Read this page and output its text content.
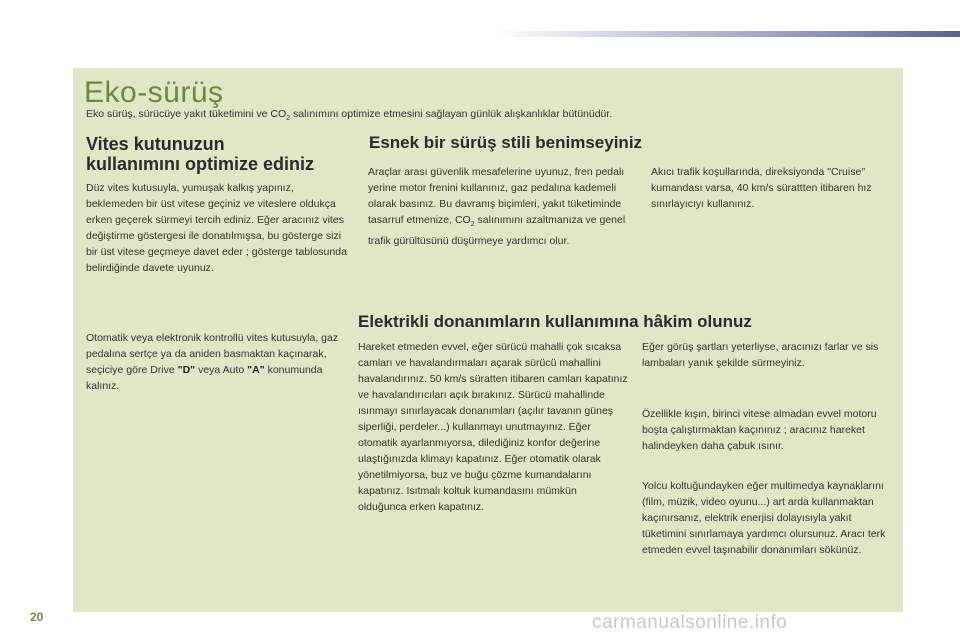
Eko-sürüş
Eko sürüş, sürücüye yakıt tüketimini ve $CO_2$ salınımını optimize etmesini sağlayan günlük alışkanlıklar bütünüdür.
Vites kutunuzun
kullanımını optimize ediniz
Düz vites kutusuyla, yumuşak kalkış yapınız, beklemeden bir üst vitese geçiniz ve viteslere oldukça erken geçerek sürmeyi tercih ediniz. Eğer aracınız vites değiştirme göstergesi ile donatılmışsa, bu gösterge sizi bir üst vitese geçmeye davet eder ; gösterge tablosunda belirdiğinde davete uyunuz.
Otomatik veya elektronik kontrollü vites kutusuyla, gaz pedalına sertçe ya da aniden basmaktan kaçınarak, seçiciye göre Drive "D" veya Auto "A" konumunda kalınız.
Esnek bir sürüş stili benimseyiniz
Araçlar arası güvenlik mesafelerine uyunuz, fren pedalı yerine motor frenini kullanınız, gaz pedalına kademeli olarak basınız. Bu davranış biçimleri, yakıt tüketiminde tasarruf etmenize, $CO_2$ salınımını azaltmanıza ve genel trafik gürültüsünü düşürmeye yardımcı olur.
Akıcı trafik koşullarında, direksiyonda "Cruise" kumandası varsa, 40 km/s sürattten itibaren hız sınırlayıcıyı kullanınız.
Elektrikli donanımların kullanımına hâkim olunuz
Hareket etmeden evvel, eğer sürücü mahalli çok sıcaksa camları ve havalandırmaları açarak sürücü mahallini havalandırınız. 50 km/s süratten itibaren camları kapatınız ve havalandırıcıları açık bırakınız. Sürücü mahallinde ısınmayı sınırlayacak donanımları (açılır tavanın güneş siperliği, perdeler...) kullanmayı unutmayınız. Eğer otomatik ayarlanmıyorsa, dilediğiniz konfor değerine ulaştığınızda klimayı kapatınız. Eğer otomatik olarak yönetilmiyorsa, buz ve buğu çözme kumandalarını kapatınız. Isıtmalı koltuk kumandasını mümkün olduğunca erken kapatınız.
Eğer görüş şartları yeterliyse, aracınızı farlar ve sis lambaları yanık şekilde sürmeyiniz.
Özellikle kışın, birinci vitese almadan evvel motoru boşta çalıştırmaktan kaçınınız ; aracınız hareket halindeyken daha çabuk ısınır.
Yolcu koltuğundayken eğer multimedya kaynaklarını (film, müzik, video oyunu...) art arda kullanmaktan kaçınırsanız, elektrik enerjisi dolayısıyla yakıt tüketimini sınırlamaya yardımcı olursunuz. Aracı terk etmeden evvel taşınabilir donanımları sökünüz.
20	carmanualsonline.info
